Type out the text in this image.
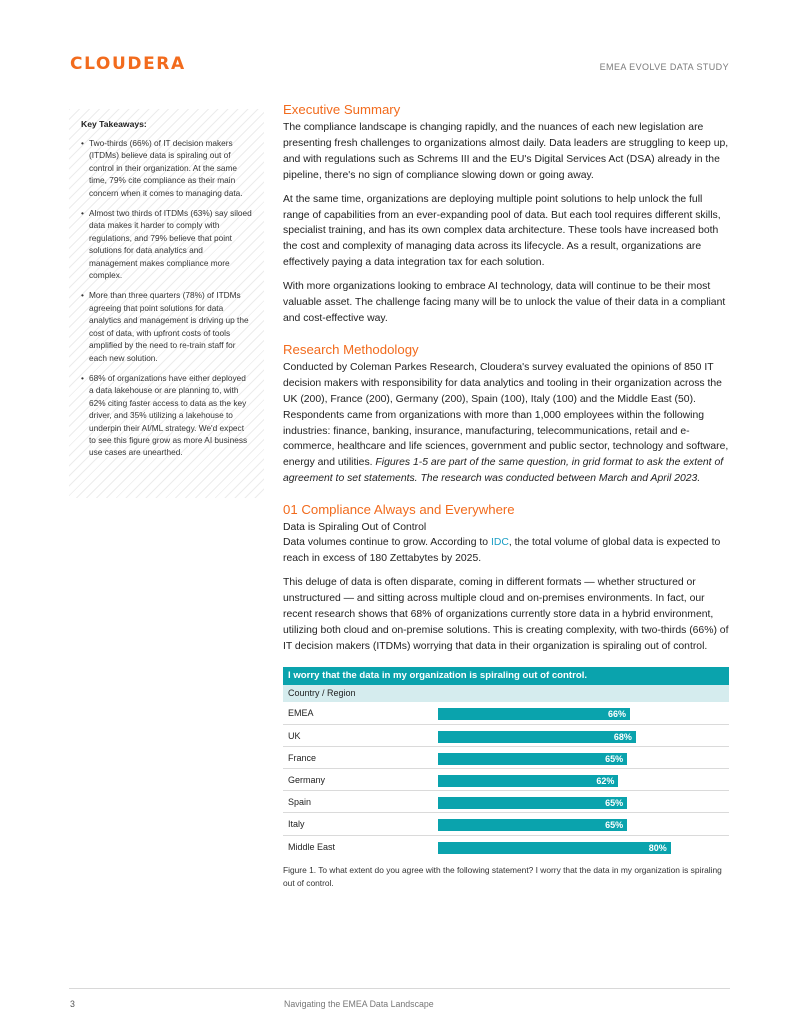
CLOUDERA	EMEA EVOLVE DATA STUDY
Key Takeaways:
• Two-thirds (66%) of IT decision makers (ITDMs) believe data is spiraling out of control in their organization. At the same time, 79% cite compliance as their main concern when it comes to managing data.
• Almost two thirds of ITDMs (63%) say siloed data makes it harder to comply with regulations, and 79% believe that point solutions for data analytics and management makes compliance more complex.
• More than three quarters (78%) of ITDMs agreeing that point solutions for data analytics and management is driving up the cost of data, with upfront costs of tools amplified by the need to re-train staff for each new solution.
• 68% of organizations have either deployed a data lakehouse or are planning to, with 62% citing faster access to data as the key driver, and 35% utilizing a lakehouse to underpin their AI/ML strategy. We'd expect to see this figure grow as more AI business use cases are unearthed.
Executive Summary

The compliance landscape is changing rapidly, and the nuances of each new legislation are presenting fresh challenges to organizations almost daily. Data leaders are struggling to keep up, and with regulations such as Schrems III and the EU's Digital Services Act (DSA) already in the pipeline, there's no sign of compliance slowing down or going away.

At the same time, organizations are deploying multiple point solutions to help unlock the full range of capabilities from an ever-expanding pool of data. But each tool requires different skills, specialist training, and has its own complex data architecture. These tools have increased both the cost and complexity of managing data across its lifecycle. As a result, organizations are effectively paying a data integration tax for each solution.

With more organizations looking to embrace AI technology, data will continue to be their most valuable asset. The challenge facing many will be to unlock the value of their data in a compliant and cost-effective way.

Research Methodology

Conducted by Coleman Parkes Research, Cloudera's survey evaluated the opinions of 850 IT decision makers with responsibility for data analytics and tooling in their organization across the UK (200), France (200), Germany (200), Spain (100), Italy (100) and the Middle East (50). Respondents came from organizations with more than 1,000 employees within the following industries: finance, banking, insurance, manufacturing, telecommunications, retail and e-commerce, healthcare and life sciences, government and public sector, technology and software, energy and utilities. Figures 1-5 are part of the same question, in grid format to ask the extent of agreement to set statements. The research was conducted between March and April 2023.

01 Compliance Always and Everywhere
Data is Spiraling Out of Control

Data volumes continue to grow. According to IDC, the total volume of global data is expected to reach in excess of 180 Zettabytes by 2025.

This deluge of data is often disparate, coming in different formats — whether structured or unstructured — and sitting across multiple cloud and on-premises environments. In fact, our recent research shows that 68% of organizations currently store data in a hybrid environment, utilizing both cloud and on-premise solutions. This is creating complexity, with two-thirds (66%) of IT decision makers (ITDMs) worrying that data in their organization is spiraling out of control.

I worry that the data in my organization is spiraling out of control.
Country / Region
EMEA	66%
UK	68%
France	65%
Germany	62%
Spain	65%
Italy	65%
Middle East	80%
Figure 1. To what extent do you agree with the following statement? I worry that the data in my organization is spiraling out of control.
3	Navigating the EMEA Data Landscape
